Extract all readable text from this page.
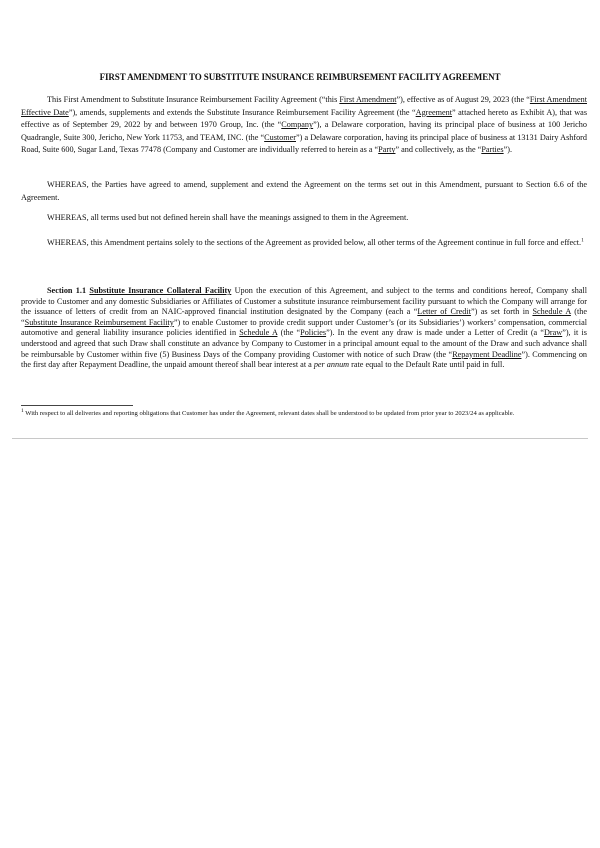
FIRST AMENDMENT TO SUBSTITUTE INSURANCE REIMBURSEMENT FACILITY AGREEMENT

This First Amendment to Substitute Insurance Reimbursement Facility Agreement (“this First Amendment”), effective as of August 29, 2023 (the “First Amendment Effective Date”), amends, supplements and extends the Substitute Insurance Reimbursement Facility Agreement (the “Agreement” attached hereto as Exhibit A), that was effective as of September 29, 2022 by and between 1970 Group, Inc. (the “Company”), a Delaware corporation, having its principal place of business at 100 Jericho Quadrangle, Suite 300, Jericho, New York 11753, and TEAM, INC. (the “Customer”) a Delaware corporation, having its principal place of business at 13131 Dairy Ashford Road, Suite 600, Sugar Land, Texas 77478 (Company and Customer are individually referred to herein as a “Party” and collectively, as the “Parties”).

WHEREAS, the Parties have agreed to amend, supplement and extend the Agreement on the terms set out in this Amendment, pursuant to Section 6.6 of the Agreement.

WHEREAS, all terms used but not defined herein shall have the meanings assigned to them in the Agreement.

WHEREAS, this Amendment pertains solely to the sections of the Agreement as provided below, all other terms of the Agreement continue in full force and effect.$^1$

Section 1.1 Substitute Insurance Collateral Facility Upon the execution of this Agreement, and subject to the terms and conditions hereof, Company shall provide to Customer and any domestic Subsidiaries or Affiliates of Customer a substitute insurance reimbursement facility pursuant to which the Company will arrange for the issuance of letters of credit from an NAIC-approved financial institution designated by the Company (each a “Letter of Credit”) as set forth in Schedule A (the “Substitute Insurance Reimbursement Facility”) to enable Customer to provide credit support under Customer’s (or its Subsidiaries’) workers’ compensation, commercial automotive and general liability insurance policies identified in Schedule A (the “Policies”). In the event any draw is made under a Letter of Credit (a “Draw”), it is understood and agreed that such Draw shall constitute an advance by Company to Customer in a principal amount equal to the amount of the Draw and such advance shall be reimbursable by Customer within five (5) Business Days of the Company providing Customer with notice of such Draw (the “Repayment Deadline”). Commencing on the first day after Repayment Deadline, the unpaid amount thereof shall bear interest at a per annum rate equal to the Default Rate until paid in full.

$^1$ With respect to all deliveries and reporting obligations that Customer has under the Agreement, relevant dates shall be understood to be updated from prior year to 2023/24 as applicable.
